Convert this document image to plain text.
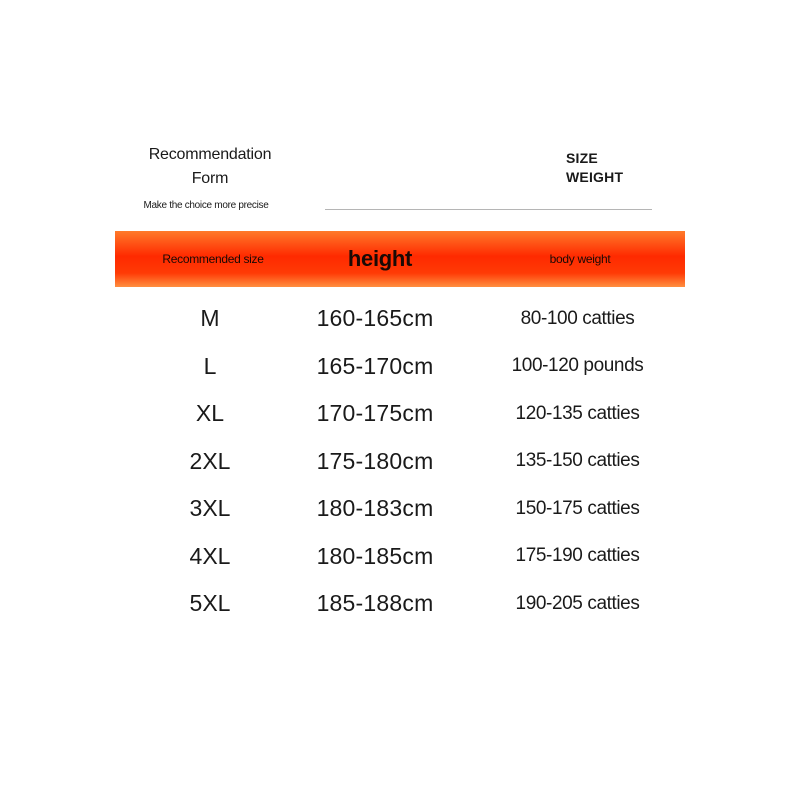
Recommendation
Form
Make the choice more precise
SIZE
WEIGHT
Recommended size	height	body weight
M	160-165cm	80-100 catties
L	165-170cm	100-120 pounds
XL	170-175cm	120-135 catties
2XL	175-180cm	135-150 catties
3XL	180-183cm	150-175 catties
4XL	180-185cm	175-190 catties
5XL	185-188cm	190-205 catties
